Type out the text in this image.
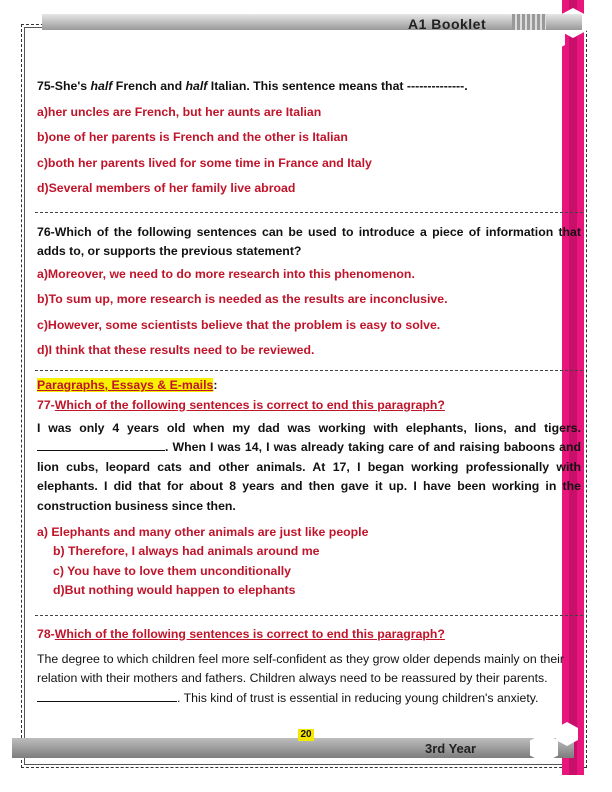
A1 Booklet
3rd Year
20

75-She's half French and half Italian. This sentence means that --------------.

a)her uncles are French, but her aunts are Italian

b)one of her parents is French and the other is Italian

c)both her parents lived for some time in France and Italy

d)Several members of her family live abroad

76-Which of the following sentences can be used to introduce a piece of information that adds to, or supports the previous statement?

a)Moreover, we need to do more research into this phenomenon.

b)To sum up, more research is needed as the results are inconclusive.

c)However, some scientists believe that the problem is easy to solve.

d)I think that these results need to be reviewed.

Paragraphs, Essays & E-mails:

77-Which of the following sentences is correct to end this paragraph?

I was only 4 years old when my dad was working with elephants, lions, and tigers.. When I was 14, I was already taking care of and raising baboons and lion cubs, leopard cats and other animals. At 17, I began working professionally with elephants. I did that for about 8 years and then gave it up. I have been working in the construction business since then.

a) Elephants and many other animals are just like people

b) Therefore, I always had animals around me

c) You have to love them unconditionally

d)But nothing would happen to elephants

78-Which of the following sentences is correct to end this paragraph?

The degree to which children feel more self-confident as they grow older depends mainly on their relation with their mothers and fathers. Children always need to be reassured by their parents.. This kind of trust is essential in reducing young children's anxiety.
